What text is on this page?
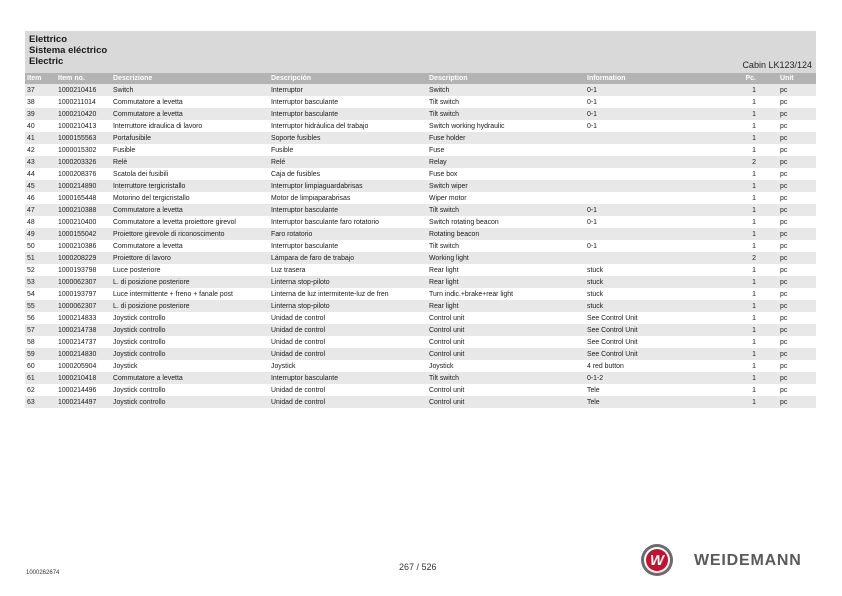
Elettrico
Sistema eléctrico
Electric	Cabin LK123/124
Item	Item no.	Descrizione	Descripción	Description	Information	Pc.	Unit
37	1000210416	Switch	Interruptor	Switch	0-1	1	pc
38	1000211014	Commutatore a levetta	Interruptor basculante	Tilt switch	0-1	1	pc
39	1000210420	Commutatore a levetta	Interruptor basculante	Tilt switch	0-1	1	pc
40	1000210413	Interruttore idraulica di lavoro	Interruptor hidráulica del trabajo	Switch working hydraulic	0-1	1	pc
41	1000155563	Portafusibile	Soporte fusibles	Fuse holder		1	pc
42	1000015302	Fusible	Fusible	Fuse		1	pc
43	1000203326	Relè	Relé	Relay		2	pc
44	1000208376	Scatola dei fusibili	Caja de fusibles	Fuse box		1	pc
45	1000214890	Interruttore tergicristallo	Interruptor limpiaguardabrisas	Switch wiper		1	pc
46	1000165448	Motorino del tergicristallo	Motor de limpiaparabrisas	Wiper motor		1	pc
47	1000210388	Commutatore a levetta	Interruptor basculante	Tilt switch	0-1	1	pc
48	1000210400	Commutatore a levetta proiettore girevol	Interruptor basculante faro rotatorio	Switch rotating beacon	0-1	1	pc
49	1000155042	Proiettore girevole di riconoscimento	Faro rotatorio	Rotating beacon		1	pc
50	1000210386	Commutatore a levetta	Interruptor basculante	Tilt switch	0-1	1	pc
51	1000208229	Proiettore di lavoro	Lámpara de faro de trabajo	Working light		2	pc
52	1000193798	Luce posteriore	Luz trasera	Rear light	stuck	1	pc
53	1000062307	L. di posizione posteriore	Linterna stop-piloto	Rear light	stuck	1	pc
54	1000193797	Luce intermittente + freno + fanale post	Linterna de luz intermitente-luz de fren	Turn indic.+brake+rear light	stuck	1	pc
55	1000062307	L. di posizione posteriore	Linterna stop-piloto	Rear light	stuck	1	pc
56	1000214833	Joystick controllo	Unidad de control	Control unit	See Control Unit	1	pc
57	1000214738	Joystick controllo	Unidad de control	Control unit	See Control Unit	1	pc
58	1000214737	Joystick controllo	Unidad de control	Control unit	See Control Unit	1	pc
59	1000214830	Joystick controllo	Unidad de control	Control unit	See Control Unit	1	pc
60	1000205904	Joystick	Joystick	Joystick	4 red button	1	pc
61	1000210418	Commutatore a levetta	Interruptor basculante	Tilt switch	0-1-2	1	pc
62	1000214496	Joystick controllo	Unidad de control	Control unit	Tele	1	pc
63	1000214497	Joystick controllo	Unidad de control	Control unit	Tele	1	pc
1000262674
267 / 526	W WEIDEMANN
